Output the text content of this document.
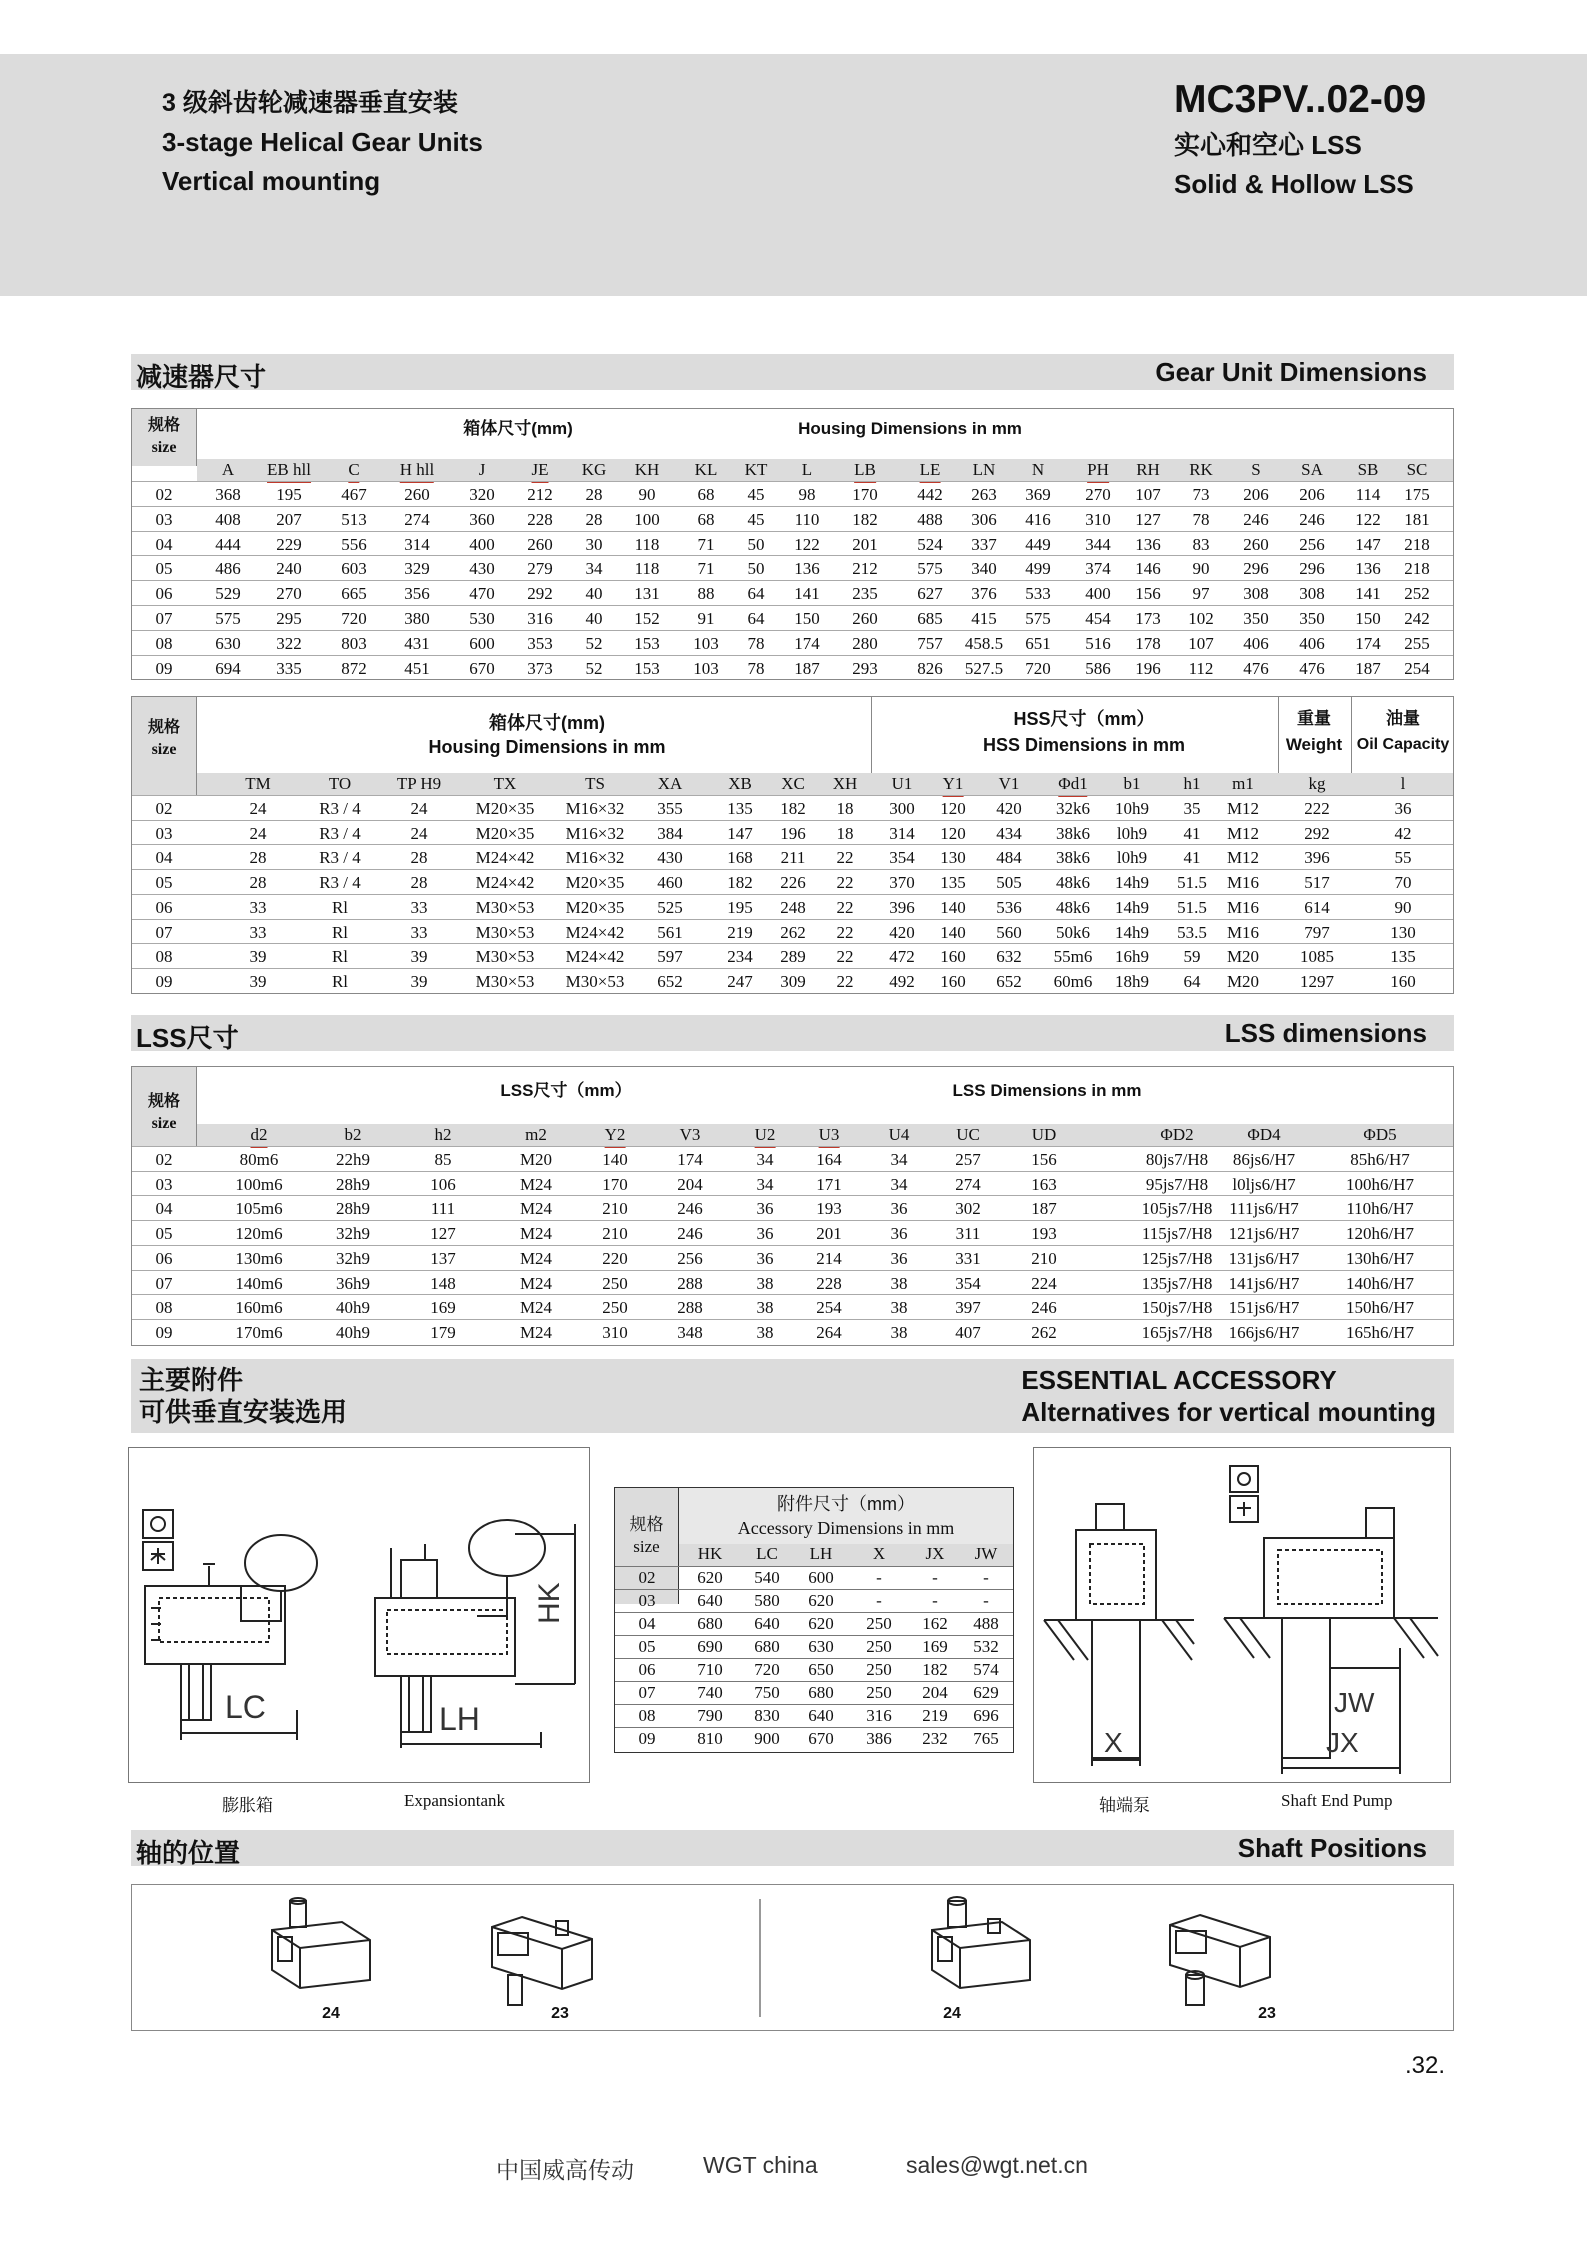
3 级斜齿轮减速器垂直安装
3-stage Helical Gear Units
Vertical mounting
MC3PV..02-09
实心和空心 LSS
Solid & Hollow LSS
减速器尺寸	Gear Unit Dimensions
规格
size
箱体尺寸(mm)	Housing Dimensions in mm
A EB hll C H hll	J	JE KG KH KL KT L LB	LE LN N	PH RH RK S SA SB SC
02	368 195 467 260 320 212 28 90 68 45 98 170 442 263 369 270 107 73 206 206 114 175
03	408 207 513 274 360 228 28 100 68 45 110 182 488 306 416 310 127 78 246 246 122 181
04	444 229 556 314 400 260 30 118 71 50 122 201 524 337 449 344 136 83 260 256 147 218
05	486 240 603 329 430 279 34 118 71 50 136 212 575 340 499 374 146 90 296 296 136 218
06	529 270 665 356 470 292 40 131 88 64 141 235 627 376 533 400 156 97 308 308 141 252
07	575 295 720 380 530 316 40 152 91 64 150 260 685 415 575 454 173 102 350 350 150 242
08	630 322 803 431 600 353 52 153 103 78 174 280 757 458.5 651 516 178 107 406 406 174 255
09	694 335 872 451 670 373 52 153 103 78 187 293 826 527.5 720 586 196 112 476 476 187 254
规格
size
箱体尺寸(mm)
Housing Dimensions in mm
HSS尺寸（mm）
HSS Dimensions in mm
重量
Weight
油量
Oil Capacity
TM	TO	TP H9	TX	TS	XA	XB XC XH U1 Y1 V1 Φd1 b1	h1 m1	kg	l
02	24	R3 / 4	24	M20×35 M16×32 355	135 182 18 300 120 420 32k6 10h9 35 M12	222	36
03	24	R3 / 4	24	M20×35 M16×32 384	147 196 18 314 120 434 38k6 l0h9 41 M12	292	42
04	28	R3 / 4	28	M24×42 M16×32 430	168 211 22 354 130 484 38k6 l0h9 41 M12	396	55
05	28	R3 / 4	28	M24×42 M20×35 460	182 226 22 370 135 505 48k6 14h9 51.5 M16	517	70
06	33	Rl	33	M30×53 M20×35 525	195 248 22 396 140 536 48k6 14h9 51.5 M16	614	90
07	33	Rl	33	M30×53 M24×42 561	219 262 22 420 140 560 50k6 14h9 53.5 M16	797	130
08	39	Rl	39	M30×53 M24×42 597	234 289 22 472 160 632 55m6 16h9 59 M20 1085	135
09	39	Rl	39	M30×53 M30×53 652	247 309 22 492 160 652 60m6 18h9 64 M20 1297	160
LSS尺寸	LSS dimensions
规格
size
LSS尺寸（mm）	LSS Dimensions in mm
d2	b2	h2	m2	Y2	V3	U2	U3	U4	UC	UD	ΦD2	ΦD4	ΦD5
02	80m6	22h9	85	M20	140	174	34	164	34	257	156	80js7/H8 86js6/H7	85h6/H7
03	100m6	28h9	106	M24	170	204	34	171	34	274	163	95js7/H8 l0ljs6/H7	100h6/H7
04	105m6	28h9	111	M24	210	246	36	193	36	302	187	105js7/H8 111js6/H7	110h6/H7
05	120m6	32h9	127	M24	210	246	36	201	36	311	193	115js7/H8 121js6/H7	120h6/H7
06	130m6	32h9	137	M24	220	256	36	214	36	331	210	125js7/H8 131js6/H7	130h6/H7
07	140m6	36h9	148	M24	250	288	38	228	38	354	224	135js7/H8 141js6/H7	140h6/H7
08	160m6	40h9	169	M24	250	288	38	254	38	397	246	150js7/H8 151js6/H7	150h6/H7
09	170m6	40h9	179	M24	310	348	38	264	38	407	262	165js7/H8 166js6/H7	165h6/H7
主要附件
可供垂直安装选用
ESSENTIAL ACCESSORY
Alternatives for vertical mounting
LC	LH
HK
膨胀箱	Expansiontank
规格
size
附件尺寸（mm）
Accessory Dimensions in mm
HK LC LH X JX JW
02 620 540 600 -	-	-
03 640 580 620 -	-	-
04 680 640 620 250 162 488
05 690 680 630 250 169 532
06 710 720 650 250 182 574
07 740 750 680 250 204 629
08 790 830 640 316 219 696
09 810 900 670 386 232 765
JW
JX
X
轴端泵	Shaft End Pump
轴的位置	Shaft Positions
24	23	24	23
.32.
中国威高传动	WGT china	sales@wgt.net.cn
